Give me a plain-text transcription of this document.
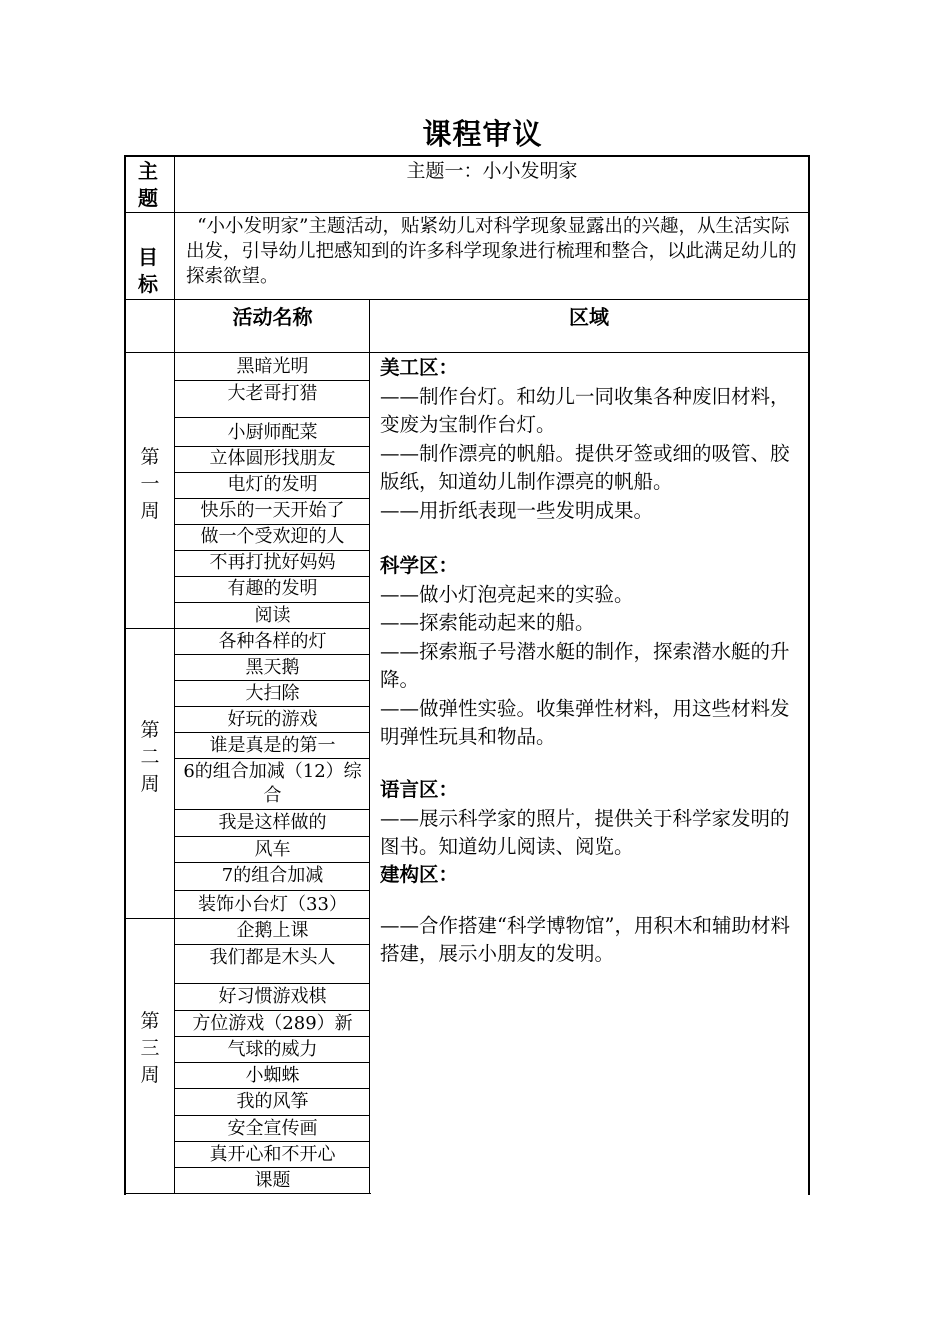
课程审议
主题
主题一：小小发明家
目标
“小小发明家”主题活动，贴紧幼儿对科学现象显露出的兴趣，从生活实际出发，引导幼儿把感知到的许多科学现象进行梳理和整合，以此满足幼儿的探索欲望。
活动名称	区域
第一周
第二周
第三周
黑暗光明
大老哥打猎
小厨师配菜
立体圆形找朋友
电灯的发明
快乐的一天开始了
做一个受欢迎的人
不再打扰好妈妈
有趣的发明
阅读
各种各样的灯
黑天鹅
大扫除
好玩的游戏
谁是真是的第一
6的组合加减（12）综合
我是这样做的
风车
7的组合加减
装饰小台灯（33）
企鹅上课
我们都是木头人
好习惯游戏棋
方位游戏（289）新
气球的威力
小蜘蛛
我的风筝
安全宣传画
真开心和不开心
课题

美工区：

——制作台灯。和幼儿一同收集各种废旧材料，变废为宝制作台灯。

——制作漂亮的帆船。提供牙签或细的吸管、胶版纸，知道幼儿制作漂亮的帆船。

——用折纸表现一些发明成果。

科学区：

——做小灯泡亮起来的实验。

——探索能动起来的船。

——探索瓶子号潜水艇的制作，探索潜水艇的升降。

——做弹性实验。收集弹性材料，用这些材料发明弹性玩具和物品。

语言区：

——展示科学家的照片，提供关于科学家发明的图书。知道幼儿阅读、阅览。

建构区：

——合作搭建“科学博物馆”，用积木和辅助材料搭建，展示小朋友的发明。
